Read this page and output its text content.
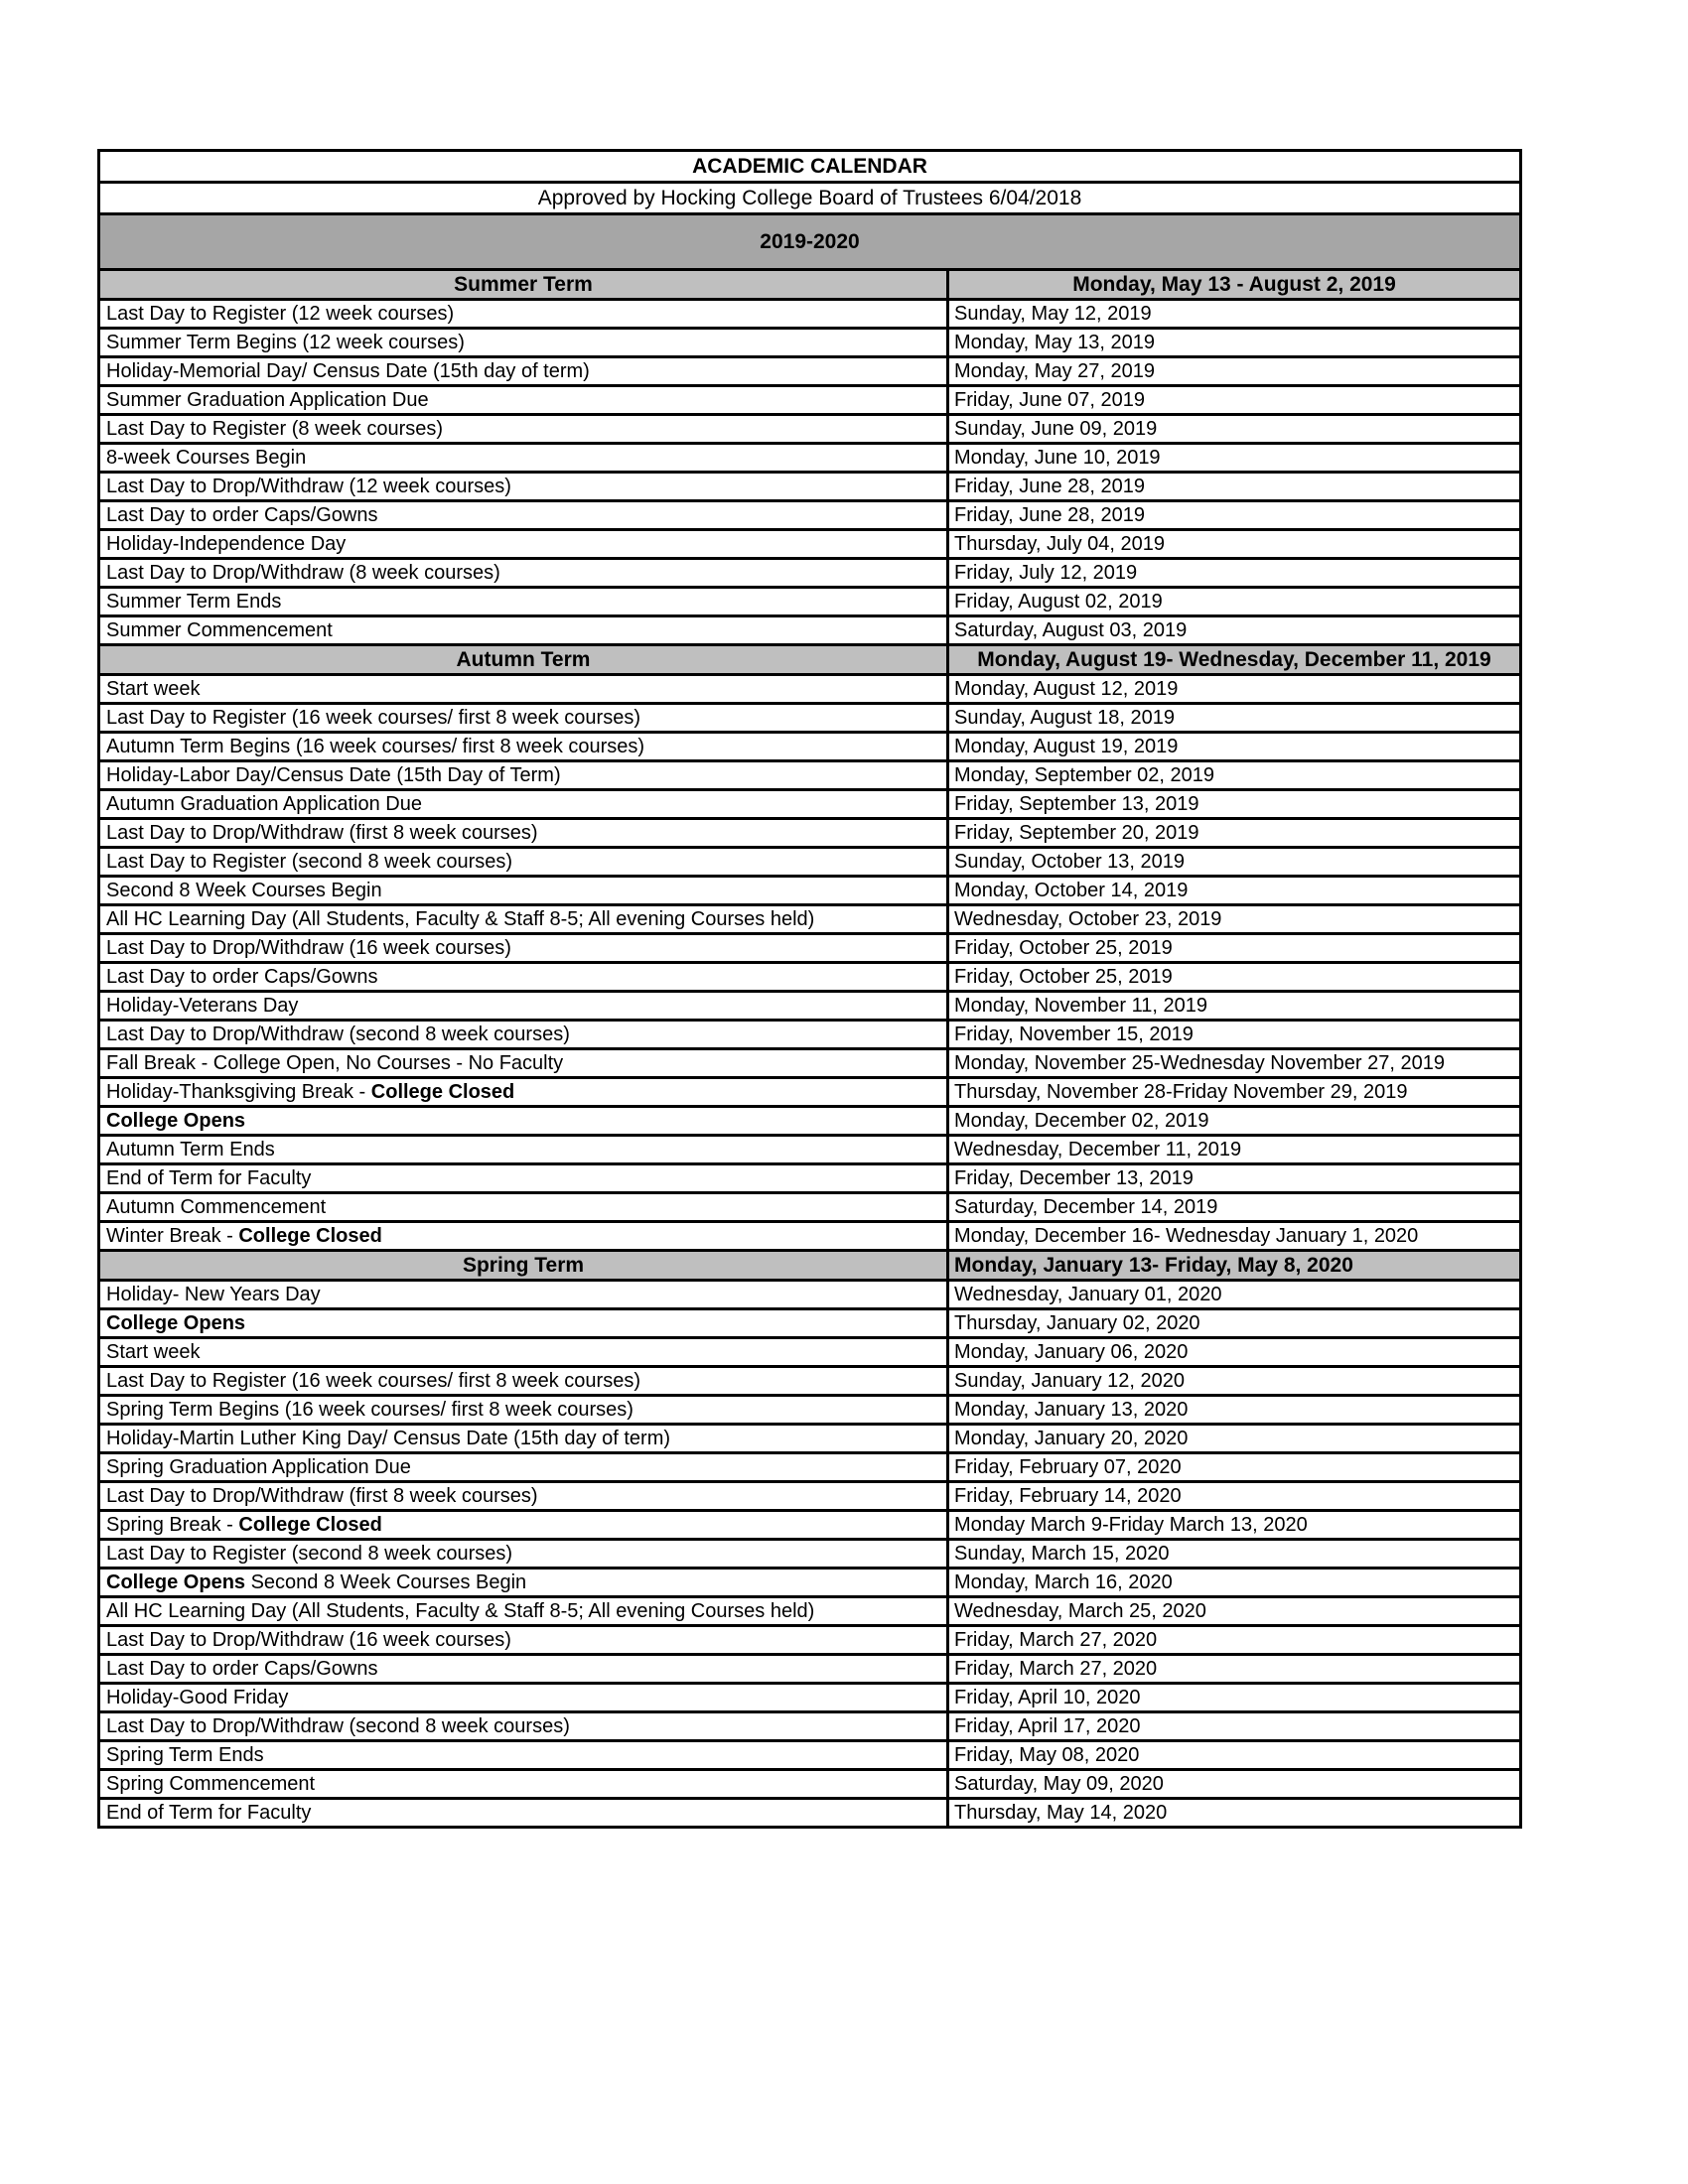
ACADEMIC CALENDAR	
Approved by Hocking College Board of Trustees 6/04/2018	
2019-2020	
Summer Term	Monday, May 13 - August 2, 2019
Last Day to Register (12 week courses)	Sunday, May 12, 2019
Summer Term Begins (12 week courses)	Monday, May 13, 2019
Holiday-Memorial Day/ Census Date (15th day of term)	Monday, May 27, 2019
Summer Graduation Application Due	Friday, June 07, 2019
Last Day to Register (8 week courses)	Sunday, June 09, 2019
8-week Courses Begin	Monday, June 10, 2019
Last Day to Drop/Withdraw (12 week courses)	Friday, June 28, 2019
Last Day to order Caps/Gowns	Friday, June 28, 2019
Holiday-Independence Day	Thursday, July 04, 2019
Last Day to Drop/Withdraw (8 week courses)	Friday, July 12, 2019
Summer Term Ends	Friday, August 02, 2019
Summer Commencement	Saturday, August 03, 2019
Autumn Term	Monday, August 19- Wednesday, December 11, 2019
Start week	Monday, August 12, 2019
Last Day to Register (16 week courses/ first 8 week courses)	Sunday, August 18, 2019
Autumn Term Begins (16 week courses/ first 8 week courses)	Monday, August 19, 2019
Holiday-Labor Day/Census Date (15th Day of Term)	Monday, September 02, 2019
Autumn Graduation Application Due	Friday, September 13, 2019
Last Day to Drop/Withdraw (first 8 week courses)	Friday, September 20, 2019
Last Day to Register (second 8 week courses)	Sunday, October 13, 2019
Second 8 Week Courses Begin	Monday, October 14, 2019
All HC Learning Day (All Students, Faculty & Staff 8-5; All evening Courses held)	Wednesday, October 23, 2019
Last Day to Drop/Withdraw (16 week courses)	Friday, October 25, 2019
Last Day to order Caps/Gowns	Friday, October 25, 2019
Holiday-Veterans Day	Monday, November 11, 2019
Last Day to Drop/Withdraw (second 8 week courses)	Friday, November 15, 2019
Fall Break - College Open, No Courses - No Faculty	Monday, November 25-Wednesday November 27, 2019
Holiday-Thanksgiving Break - College Closed	Thursday, November 28-Friday November 29, 2019
College Opens	Monday, December 02, 2019
Autumn Term Ends	Wednesday, December 11, 2019
End of Term for Faculty	Friday, December 13, 2019
Autumn Commencement	Saturday, December 14, 2019
Winter Break - College Closed	Monday, December 16- Wednesday January 1, 2020
Spring Term	Monday, January 13- Friday, May 8, 2020
Holiday- New Years Day	Wednesday, January 01, 2020
College Opens	Thursday, January 02, 2020
Start week	Monday, January 06, 2020
Last Day to Register (16 week courses/ first 8 week courses)	Sunday, January 12, 2020
Spring Term Begins (16 week courses/ first 8 week courses)	Monday, January 13, 2020
Holiday-Martin Luther King Day/ Census Date (15th day of term)	Monday, January 20, 2020
Spring Graduation Application Due	Friday, February 07, 2020
Last Day to Drop/Withdraw (first 8 week courses)	Friday, February 14, 2020
Spring Break - College Closed	Monday March 9-Friday March 13, 2020
Last Day to Register (second 8 week courses)	Sunday, March 15, 2020
College Opens Second 8 Week Courses Begin	Monday, March 16, 2020
All HC Learning Day (All Students, Faculty & Staff 8-5; All evening Courses held)	Wednesday, March 25, 2020
Last Day to Drop/Withdraw (16 week courses)	Friday, March 27, 2020
Last Day to order Caps/Gowns	Friday, March 27, 2020
Holiday-Good Friday	Friday, April 10, 2020
Last Day to Drop/Withdraw (second 8 week courses)	Friday, April 17, 2020
Spring Term Ends	Friday, May 08, 2020
Spring Commencement	Saturday, May 09, 2020
End of Term for Faculty	Thursday, May 14, 2020
